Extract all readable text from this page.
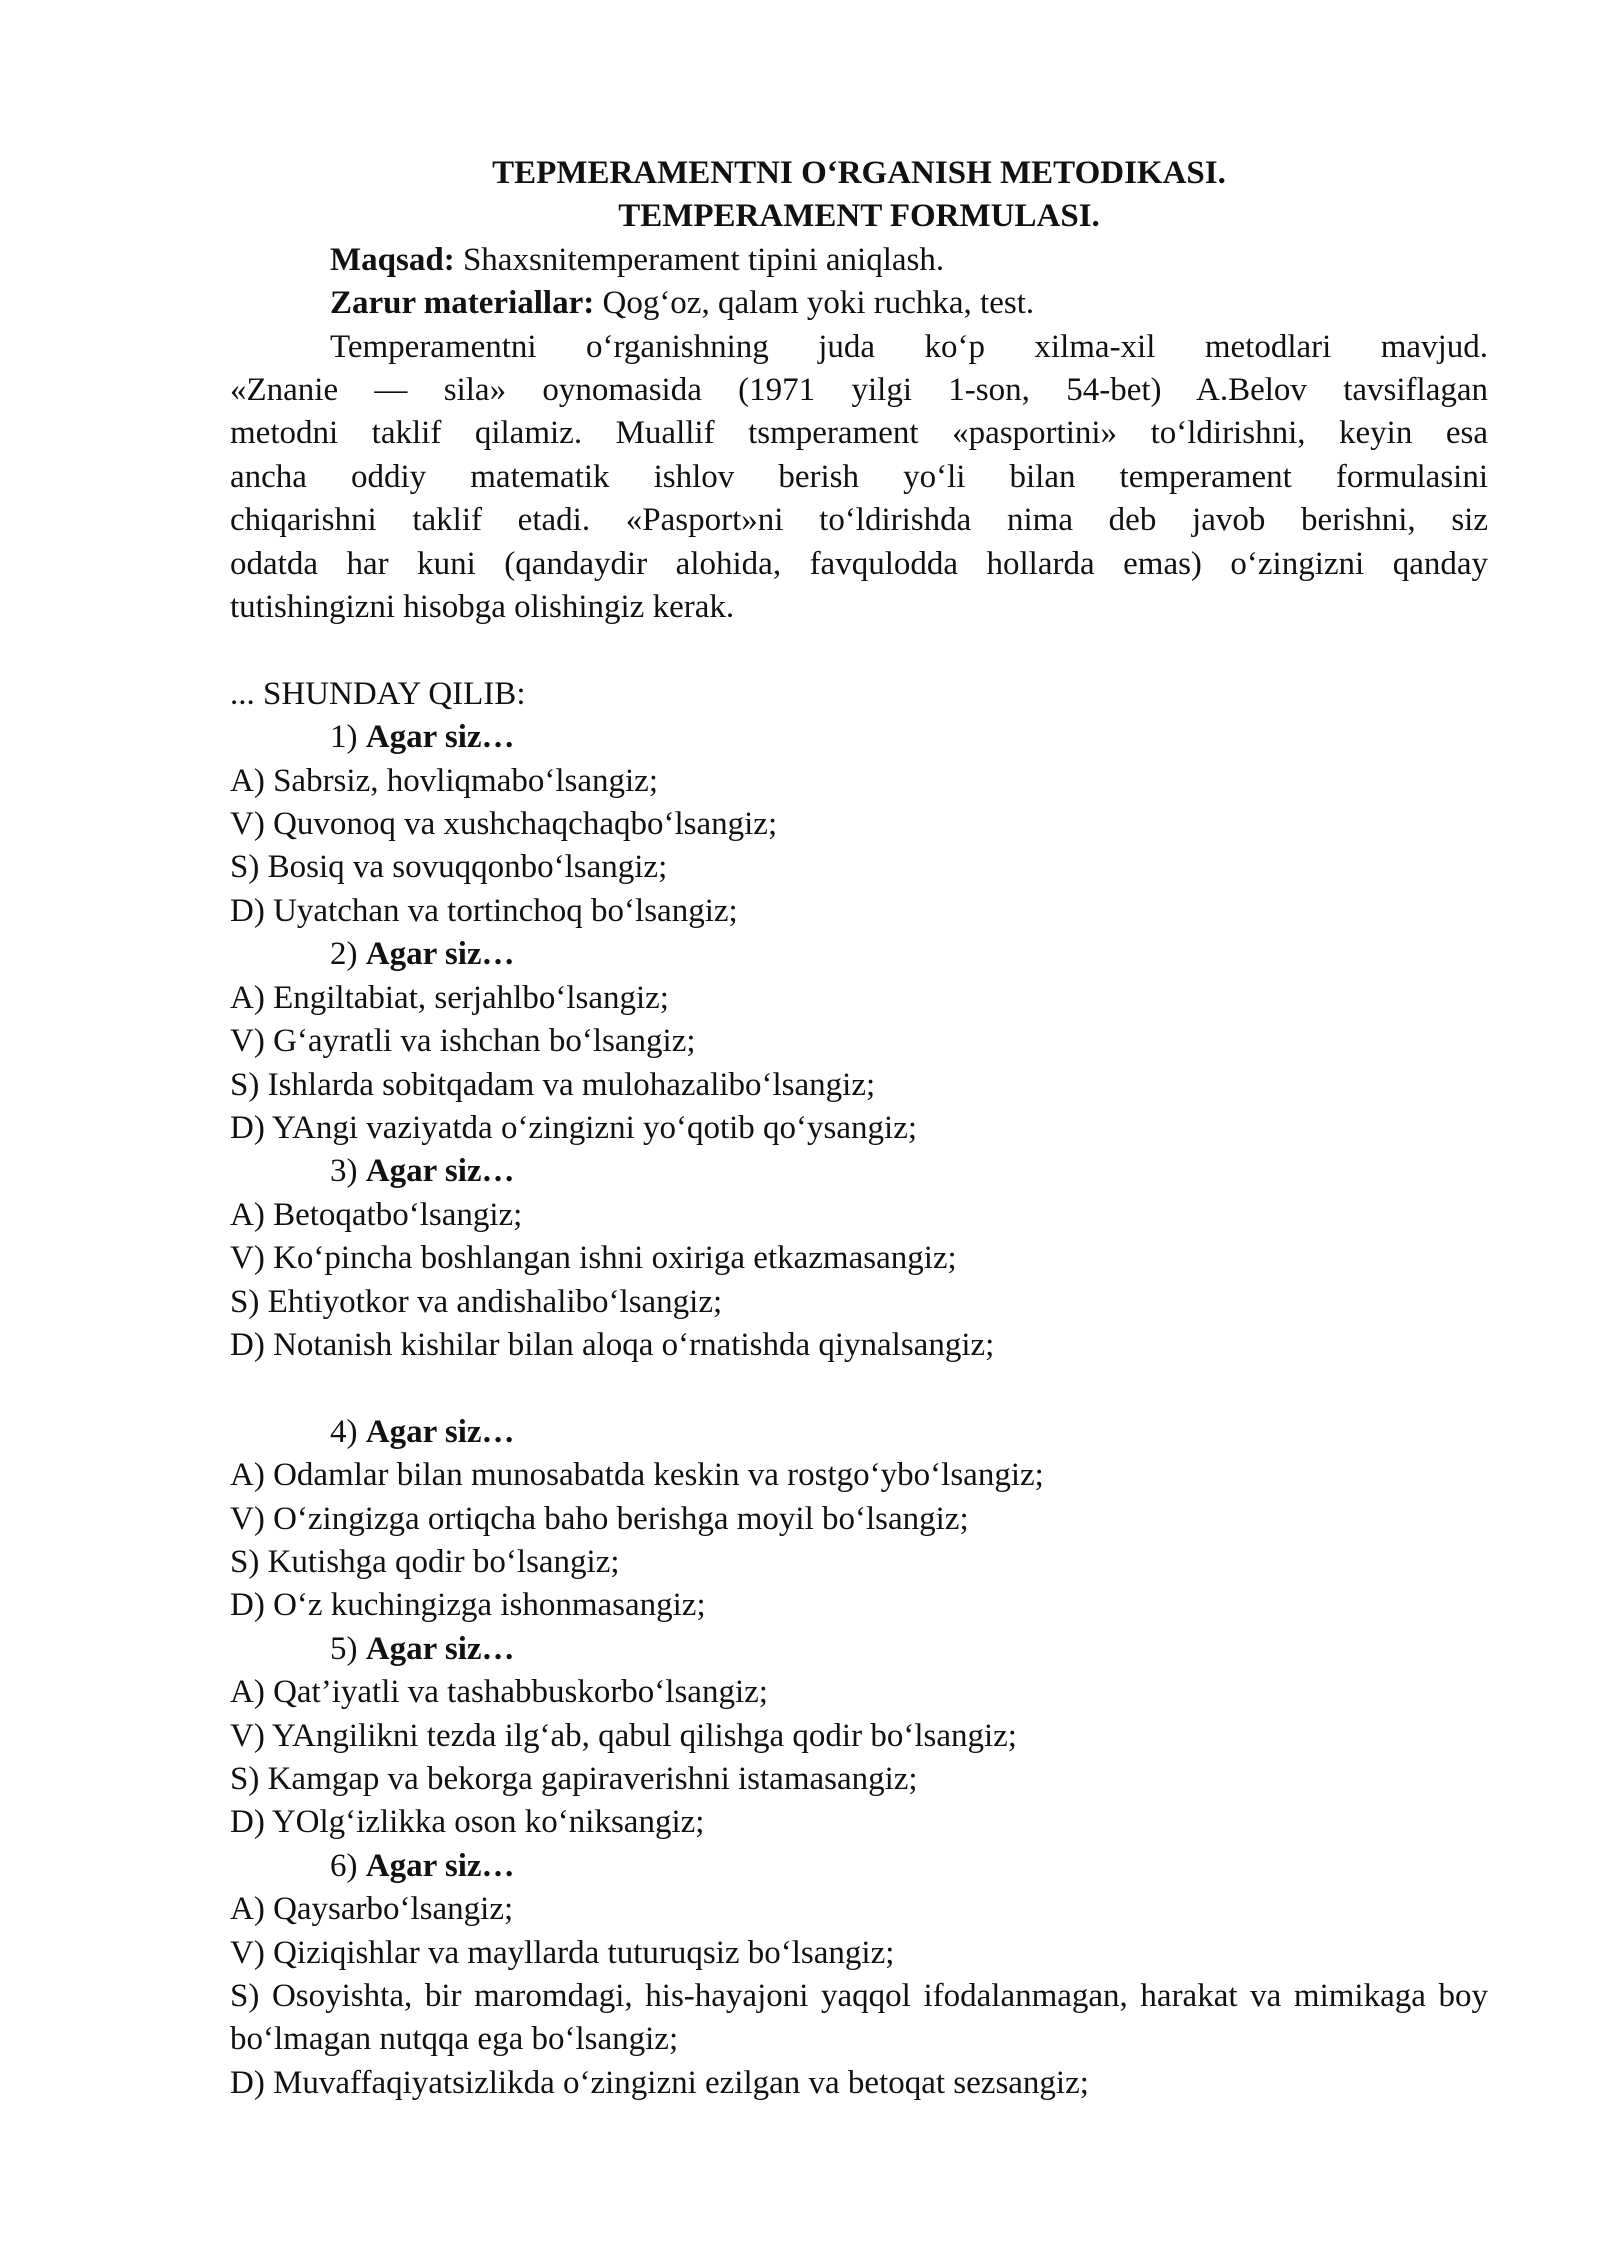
TEPMERAMENTNI O‘RGANISH METODIKASI.

TEMPERAMENT FORMULASI.

Maqsad: Shaxsnitemperament tipini aniqlash.

Zarur materiallar: Qog‘oz, qalam yoki ruchka, test.

Temperamentni o‘rganishning juda ko‘p xilma-xil metodlari mavjud.

«Znanie — sila» oynomasida (1971 yilgi 1-son, 54-bet) A.Belov tavsiflagan

metodni taklif qilamiz. Muallif tsmperament «pasportini» to‘ldirishni, keyin esa

ancha oddiy matematik ishlov berish yo‘li bilan temperament formulasini

chiqarishni taklif etadi. «Pasport»ni to‘ldirishda nima deb javob berishni, siz

odatda har kuni (qandaydir alohida, favqulodda hollarda emas) o‘zingizni qanday

tutishingizni hisobga olishingiz kerak.

... SHUNDAY QILIB:

1) Agar siz…

A) Sabrsiz, hovliqmabo‘lsangiz;

V) Quvonoq va xushchaqchaqbo‘lsangiz;

S) Bosiq va sovuqqonbo‘lsangiz;

D) Uyatchan va tortinchoq bo‘lsangiz;

2) Agar siz…

A) Engiltabiat, serjahlbo‘lsangiz;

V) G‘ayratli va ishchan bo‘lsangiz;

S) Ishlarda sobitqadam va mulohazalibo‘lsangiz;

D) YAngi vaziyatda o‘zingizni yo‘qotib qo‘ysangiz;

3) Agar siz…

A) Betoqatbo‘lsangiz;

V) Ko‘pincha boshlangan ishni oxiriga etkazmasangiz;

S) Ehtiyotkor va andishalibo‘lsangiz;

D) Notanish kishilar bilan aloqa o‘rnatishda qiynalsangiz;

4) Agar siz…

A) Odamlar bilan munosabatda keskin va rostgo‘ybo‘lsangiz;

V) O‘zingizga ortiqcha baho berishga moyil bo‘lsangiz;

S) Kutishga qodir bo‘lsangiz;

D) O‘z kuchingizga ishonmasangiz;

5) Agar siz…

A) Qat’iyatli va tashabbuskorbo‘lsangiz;

V) YAngilikni tezda ilg‘ab, qabul qilishga qodir bo‘lsangiz;

S) Kamgap va bekorga gapiraverishni istamasangiz;

D) YOlg‘izlikka oson ko‘niksangiz;

6) Agar siz…

A) Qaysarbo‘lsangiz;

V) Qiziqishlar va mayllarda tuturuqsiz bo‘lsangiz;

S) Osoyishta, bir maromdagi, his-hayajoni yaqqol ifodalanmagan, harakat va mimikaga boy bo‘lmagan nutqqa ega bo‘lsangiz;

D) Muvaffaqiyatsizlikda o‘zingizni ezilgan va betoqat sezsangiz;
